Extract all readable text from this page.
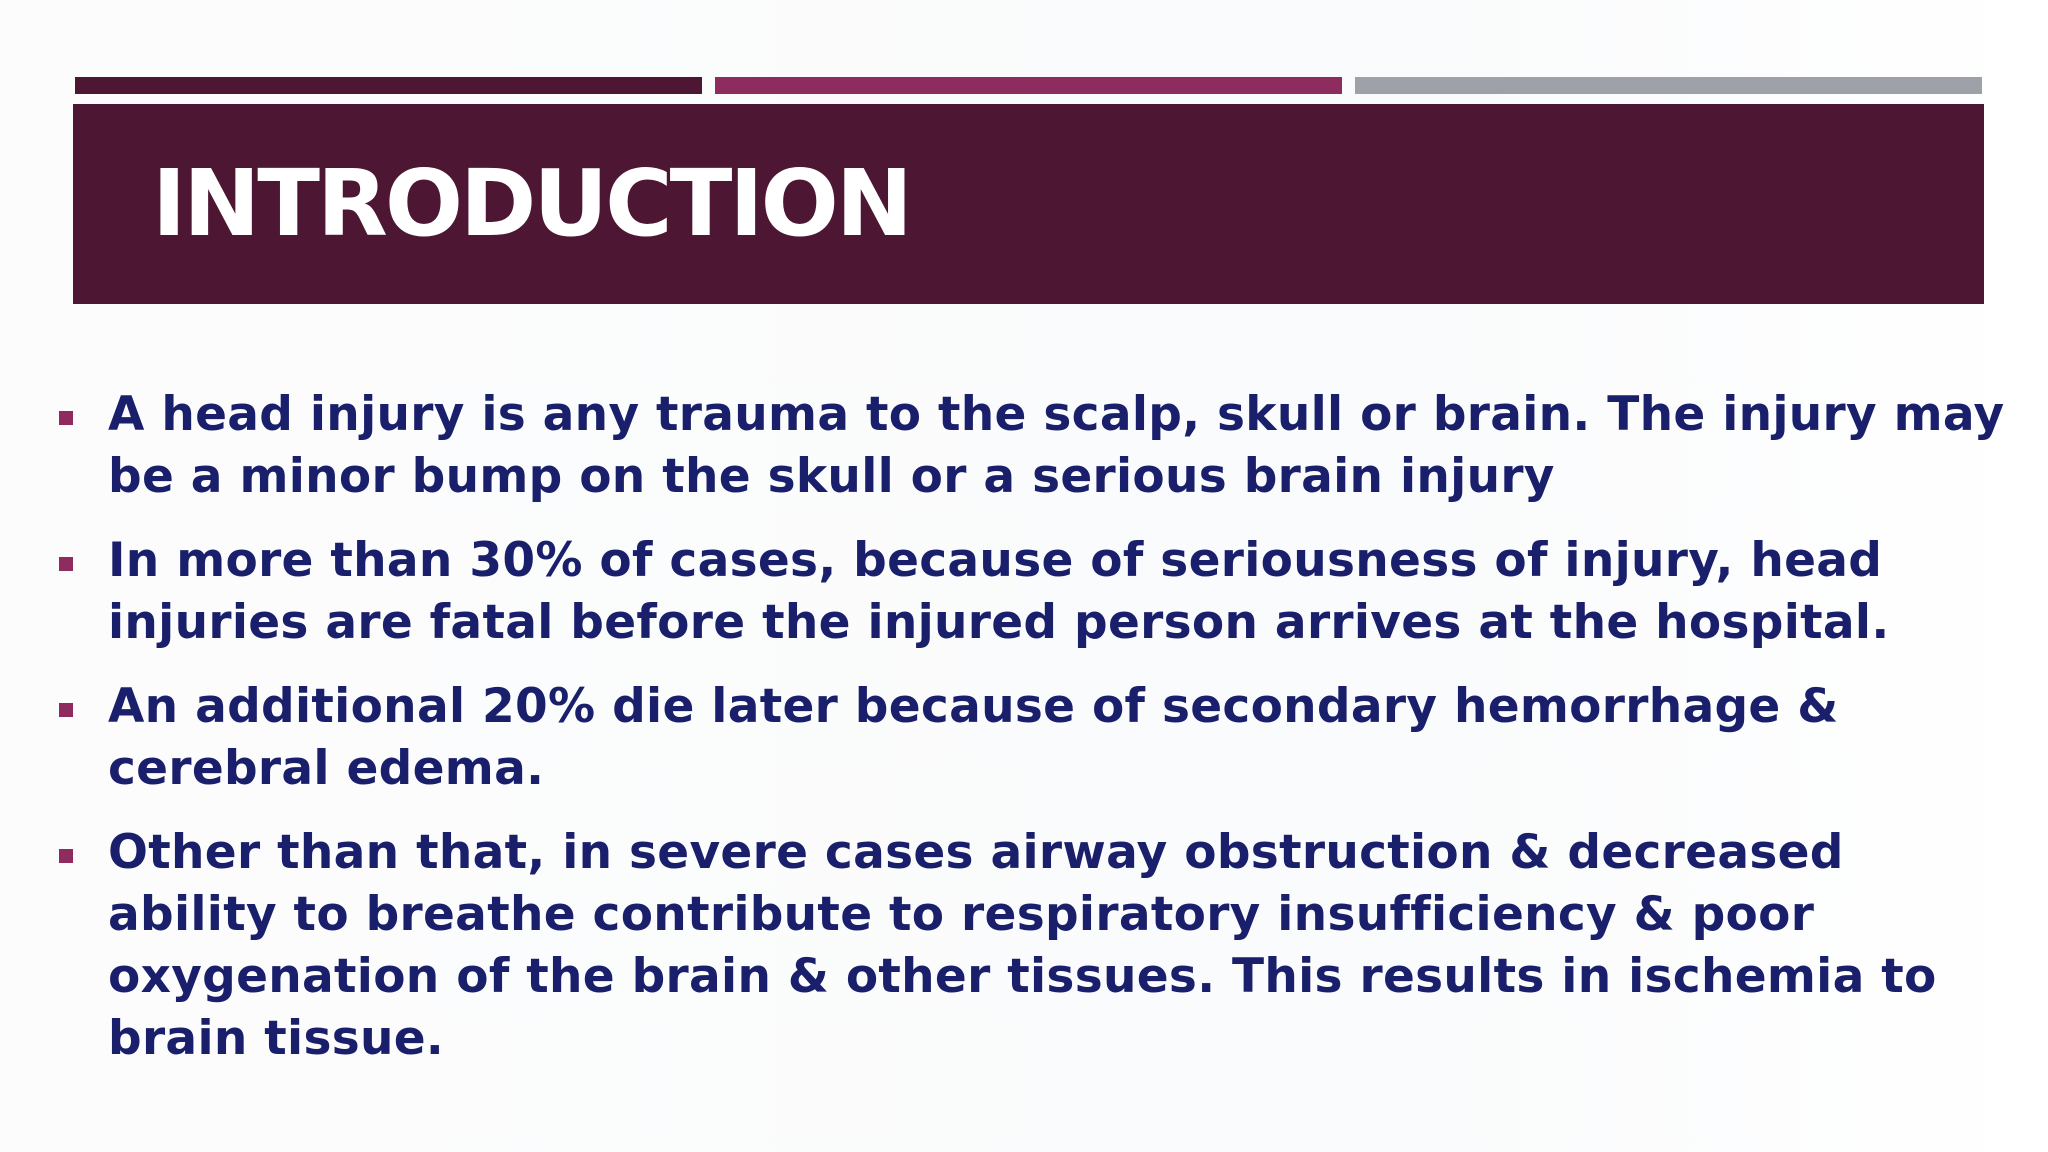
INTRODUCTION
A head injury is any trauma to the scalp, skull or brain. The injury may be a minor bump on the skull or a serious brain injury
In more than 30% of cases, because of seriousness of injury, head injuries are fatal before the injured person arrives at the hospital.
An additional 20% die later because of secondary hemorrhage & cerebral edema.
Other than that, in severe cases airway obstruction & decreased ability to breathe contribute to respiratory insufficiency & poor oxygenation of the brain & other tissues. This results in ischemia to brain tissue.
